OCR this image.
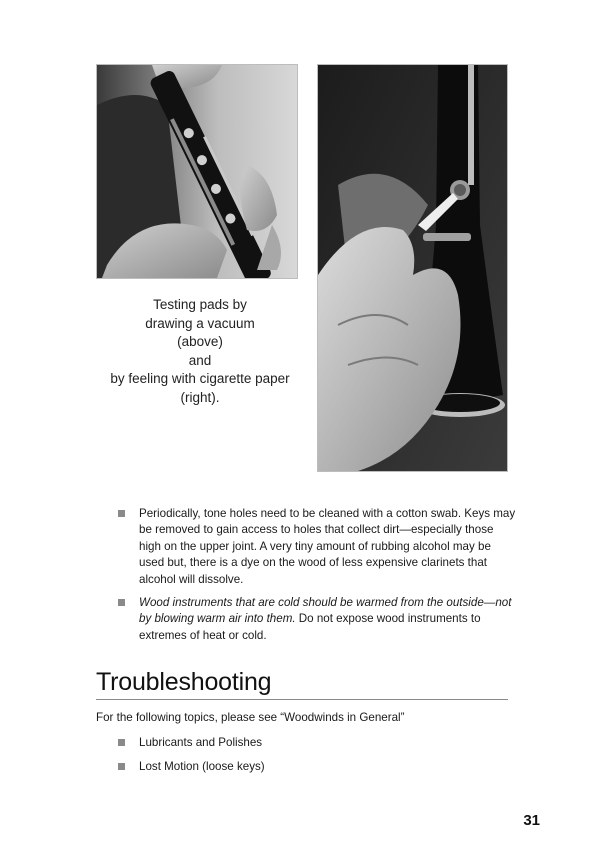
Testing pads by
drawing a vacuum
(above)
and
by feeling with cigarette paper
(right).
Periodically, tone holes need to be cleaned with a cotton swab. Keys may be removed to gain access to holes that collect dirt—especially those high on the upper joint. A very tiny amount of rubbing alcohol may be used but, there is a dye on the wood of less expensive clarinets that alcohol will dissolve.
Wood instruments that are cold should be warmed from the outside—not by blowing warm air into them. Do not expose wood instruments to extremes of heat or cold.
Troubleshooting
For the following topics, please see “Woodwinds in General”
Lubricants and Polishes
Lost Motion (loose keys)
31
